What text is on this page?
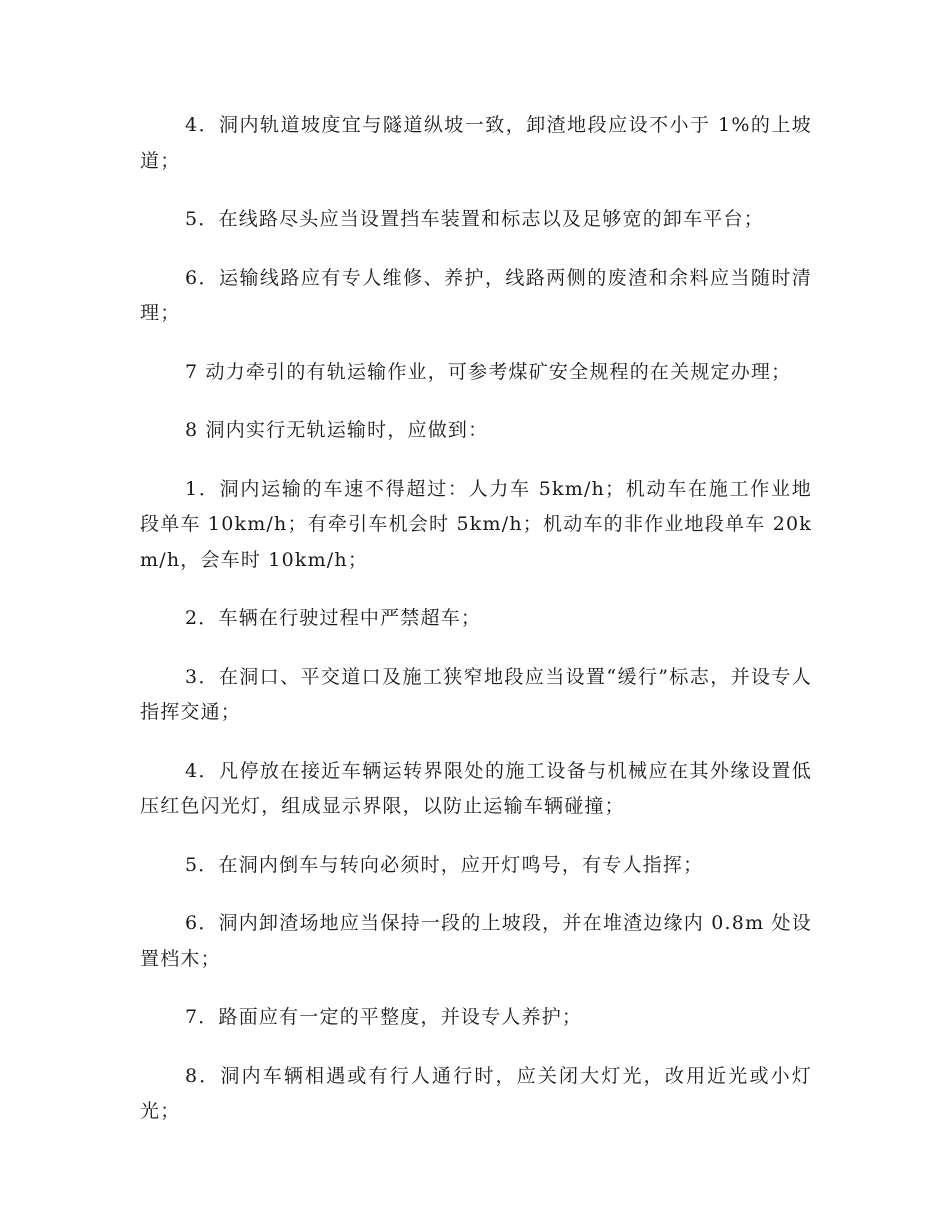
4．洞内轨道坡度宜与隧道纵坡一致，卸渣地段应设不小于 1%的上坡道；

5．在线路尽头应当设置挡车装置和标志以及足够宽的卸车平台；

6．运输线路应有专人维修、养护，线路两侧的废渣和余料应当随时清理；

7 动力牵引的有轨运输作业，可参考煤矿安全规程的在关规定办理；

8 洞内实行无轨运输时，应做到：

1．洞内运输的车速不得超过：人力车 5km/h；机动车在施工作业地段单车 10km/h；有牵引车机会时 5km/h；机动车的非作业地段单车 20km/h，会车时 10km/h；

2．车辆在行驶过程中严禁超车；

3．在洞口、平交道口及施工狭窄地段应当设置“缓行”标志，并设专人指挥交通；

4．凡停放在接近车辆运转界限处的施工设备与机械应在其外缘设置低压红色闪光灯，组成显示界限，以防止运输车辆碰撞；

5．在洞内倒车与转向必须时，应开灯鸣号，有专人指挥；

6．洞内卸渣场地应当保持一段的上坡段，并在堆渣边缘内 0.8m 处设置档木；

7．路面应有一定的平整度，并设专人养护；

8．洞内车辆相遇或有行人通行时，应关闭大灯光，改用近光或小灯光；
